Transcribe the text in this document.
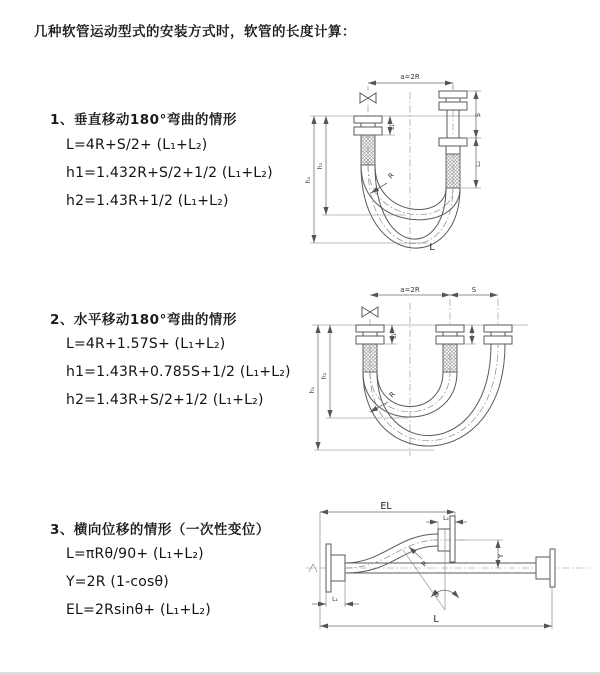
几种软管运动型式的安装方式时，软管的长度计算：
1、垂直移动180°弯曲的情形
L=4R+S/2+ (L₁+L₂)
h1=1.432R+S/2+1/2 (L₁+L₂)
h2=1.43R+1/2 (L₁+L₂)
2、水平移动180°弯曲的情形
L=4R+1.57S+ (L₁+L₂)
h1=1.43R+0.785S+1/2 (L₁+L₂)
h2=1.43R+S/2+1/2 (L₁+L₂)
3、横向位移的情形（一次性变位）
L=πRθ/90+ (L₁+L₂)
Y=2R (1-cosθ)
EL=2Rsinθ+ (L₁+L₂)
a=2R
L₁
S
L₂
h₁
h₂
R
L
a=2R	S
L₁
h₁
h₂
R
EL
L₂
Y
θ
R
L₁
L
